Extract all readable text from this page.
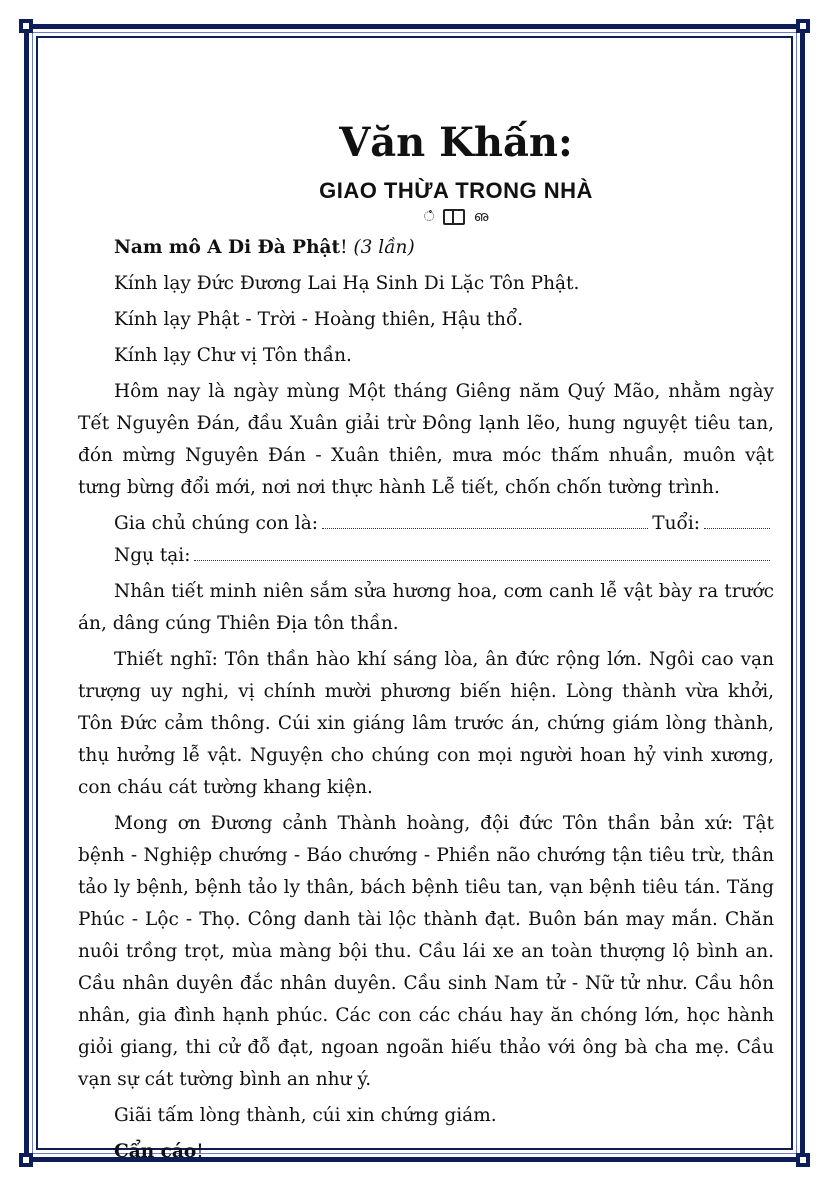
Văn Khấn:
GIAO THỪA TRONG NHÀ
ഀ	ഌ

Nam mô A Di Đà Phật! (3 lần)

Kính lạy Đức Đương Lai Hạ Sinh Di Lặc Tôn Phật.

Kính lạy Phật - Trời - Hoàng thiên, Hậu thổ.

Kính lạy Chư vị Tôn thần.

Hôm nay là ngày mùng Một tháng Giêng năm Quý Mão, nhằm ngày Tết Nguyên Đán, đầu Xuân giải trừ Đông lạnh lẽo, hung nguyệt tiêu tan, đón mừng Nguyên Đán - Xuân thiên, mưa móc thấm nhuần, muôn vật tưng bừng đổi mới, nơi nơi thực hành Lễ tiết, chốn chốn tường trình.

Gia chủ chúng con là:	Tuổi:
Ngụ tại:

Nhân tiết minh niên sắm sửa hương hoa, cơm canh lễ vật bày ra trước án, dâng cúng Thiên Địa tôn thần.

Thiết nghĩ: Tôn thần hào khí sáng lòa, ân đức rộng lớn. Ngôi cao vạn trượng uy nghi, vị chính mười phương biến hiện. Lòng thành vừa khởi, Tôn Đức cảm thông. Cúi xin giáng lâm trước án, chứng giám lòng thành, thụ hưởng lễ vật. Nguyện cho chúng con mọi người hoan hỷ vinh xương, con cháu cát tường khang kiện.

Mong ơn Đương cảnh Thành hoàng, đội đức Tôn thần bản xứ: Tật bệnh - Nghiệp chướng - Báo chướng - Phiền não chướng tận tiêu trừ, thân tảo ly bệnh, bệnh tảo ly thân, bách bệnh tiêu tan, vạn bệnh tiêu tán. Tăng Phúc - Lộc - Thọ. Công danh tài lộc thành đạt. Buôn bán may mắn. Chăn nuôi trồng trọt, mùa màng bội thu. Cầu lái xe an toàn thượng lộ bình an. Cầu nhân duyên đắc nhân duyên. Cầu sinh Nam tử - Nữ tử như. Cầu hôn nhân, gia đình hạnh phúc. Các con các cháu hay ăn chóng lớn, học hành giỏi giang, thi cử đỗ đạt, ngoan ngoãn hiếu thảo với ông bà cha mẹ. Cầu vạn sự cát tường bình an như ý.

Giãi tấm lòng thành, cúi xin chứng giám.

Cẩn cáo!
